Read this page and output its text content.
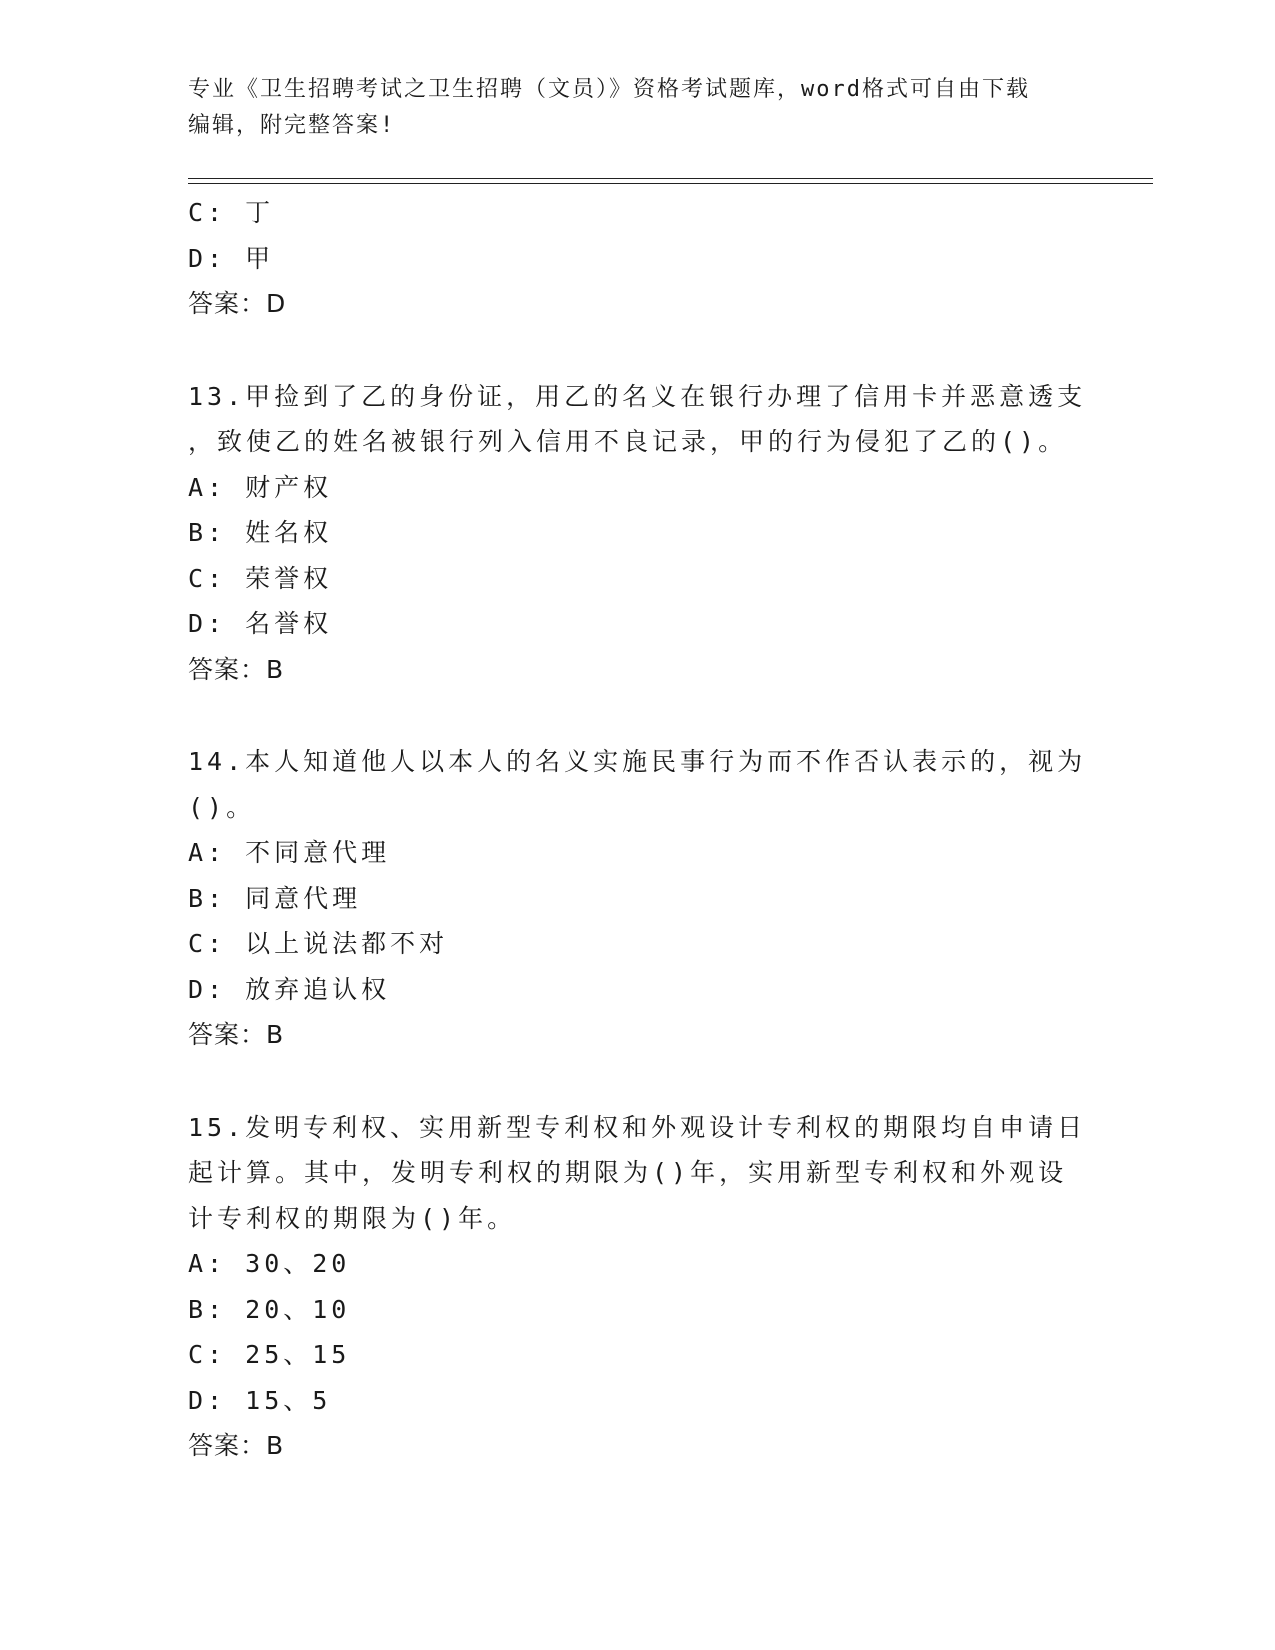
专业《卫生招聘考试之卫生招聘（文员）》资格考试题库，word格式可自由下载

编辑，附完整答案!
C: 丁
D: 甲
答案：D
13.甲捡到了乙的身份证，用乙的名义在银行办理了信用卡并恶意透支
，致使乙的姓名被银行列入信用不良记录，甲的行为侵犯了乙的()。
A: 财产权
B: 姓名权
C: 荣誉权
D: 名誉权
答案：B
14.本人知道他人以本人的名义实施民事行为而不作否认表示的，视为
()。
A: 不同意代理
B: 同意代理
C: 以上说法都不对
D: 放弃追认权
答案：B
15.发明专利权、实用新型专利权和外观设计专利权的期限均自申请日
起计算。其中，发明专利权的期限为()年，实用新型专利权和外观设
计专利权的期限为()年。
A: 30、20
B: 20、10
C: 25、15
D: 15、5
答案：B
